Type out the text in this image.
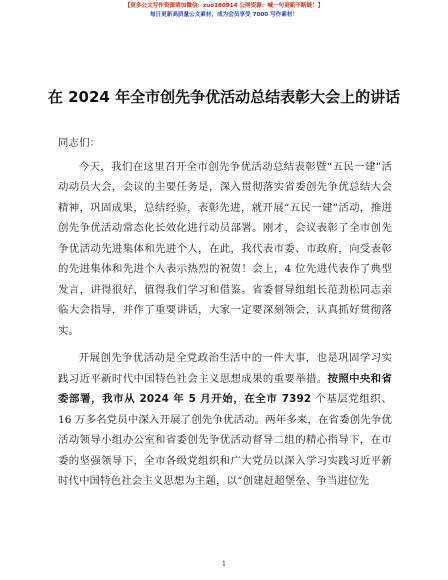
【更多公文写作资源请加微信：zuo180914 公网资源：喊一句更新不断链！】
每日更新高质量公文素材，成为会员享受 7000 写作素材！
在 2024 年全市创先争优活动总结表彰大会上的讲话

同志们：

今天，我们在这里召开全市创先争优活动总结表彰暨“五民一建”活动动员大会，会议的主要任务是，深入贯彻落实省委创先争优总结大会精神，巩固成果，总结经验，表彰先进，就开展“五民一建”活动，推进创先争优活动常态化长效化进行动员部署。刚才，会议表彰了全市创先争优活动先进集体和先进个人，在此，我代表市委、市政府，向受表彰的先进集体和先进个人表示热烈的祝贺！会上，4 位先进代表作了典型发言，讲得很好，值得我们学习和借鉴。省委督导组组长范劲松同志亲临大会指导，并作了重要讲话，大家一定要深刻领会，认真抓好贯彻落实。

开展创先争优活动是全党政治生活中的一件大事，也是巩固学习实践习近平新时代中国特色社会主义思想成果的重要举措。按照中央和省委部署，我市从 2024 年 5 月开始，在全市 7392 个基层党组织、16 万多名党员中深入开展了创先争优活动。两年多来，在省委创先争优活动领导小组办公室和省委创先争优活动督导二组的精心指导下，在市委的坚强领导下，全市各级党组织和广大党员以深入学习实践习近平新时代中国特色社会主义思想为主题，以“创建赶超堡垒、争当进位先

1
